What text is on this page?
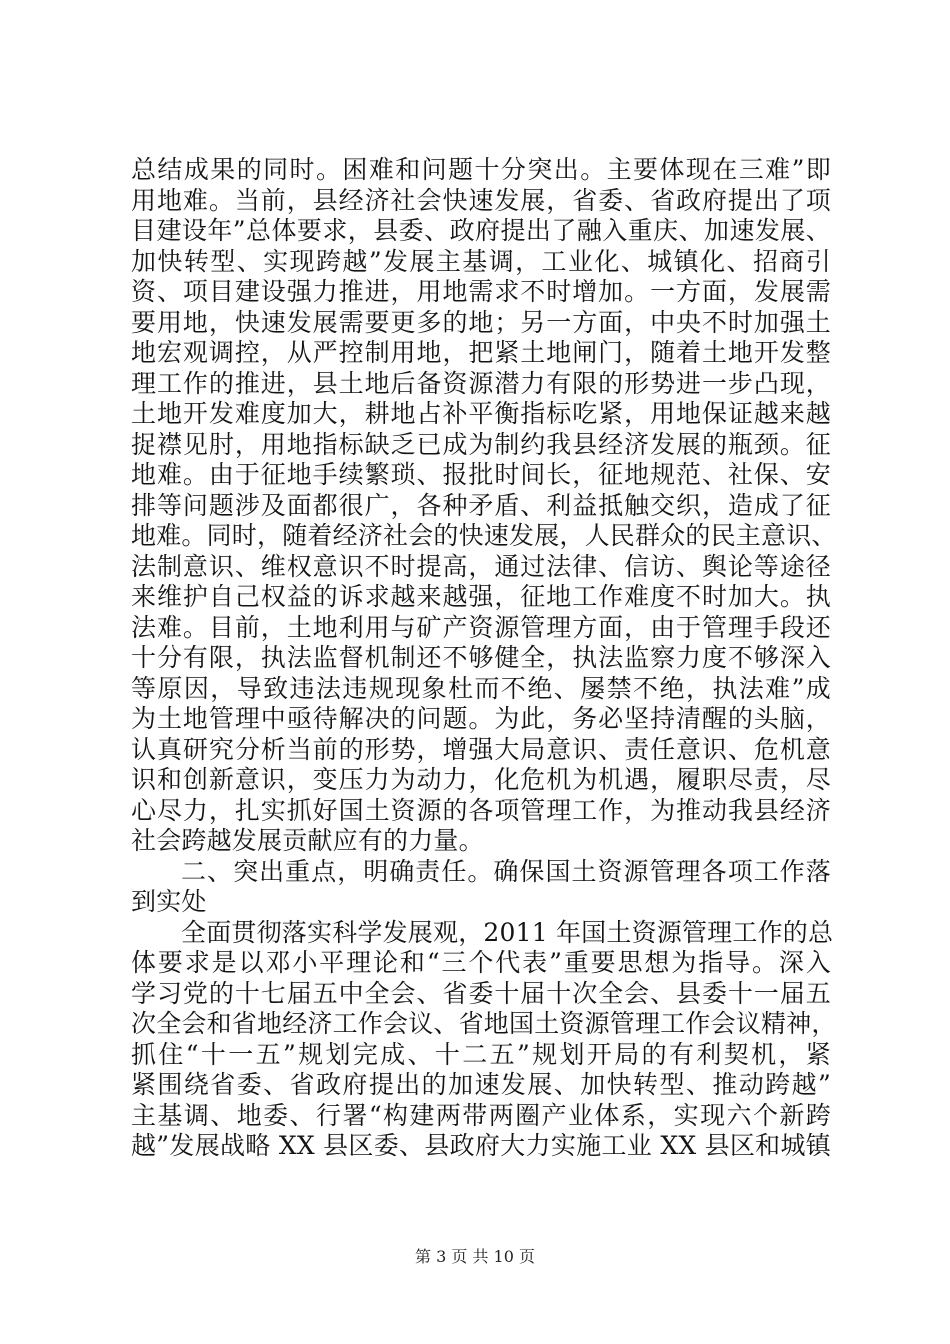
总结成果的同时。困难和问题十分突出。主要体现在三难”即
用地难。当前，县经济社会快速发展，省委、省政府提出了项
目建设年”总体要求，县委、政府提出了融入重庆、加速发展、
加快转型、实现跨越”发展主基调，工业化、城镇化、招商引
资、项目建设强力推进，用地需求不时增加。一方面，发展需
要用地，快速发展需要更多的地；另一方面，中央不时加强土
地宏观调控，从严控制用地，把紧土地闸门，随着土地开发整
理工作的推进，县土地后备资源潜力有限的形势进一步凸现，
土地开发难度加大，耕地占补平衡指标吃紧，用地保证越来越
捉襟见肘，用地指标缺乏已成为制约我县经济发展的瓶颈。征
地难。由于征地手续繁琐、报批时间长，征地规范、社保、安
排等问题涉及面都很广，各种矛盾、利益抵触交织，造成了征
地难。同时，随着经济社会的快速发展，人民群众的民主意识、
法制意识、维权意识不时提高，通过法律、信访、舆论等途径
来维护自己权益的诉求越来越强，征地工作难度不时加大。执
法难。目前，土地利用与矿产资源管理方面，由于管理手段还
十分有限，执法监督机制还不够健全，执法监察力度不够深入
等原因，导致违法违规现象杜而不绝、屡禁不绝，执法难”成
为土地管理中亟待解决的问题。为此，务必坚持清醒的头脑，
认真研究分析当前的形势，增强大局意识、责任意识、危机意
识和创新意识，变压力为动力，化危机为机遇，履职尽责，尽
心尽力，扎实抓好国土资源的各项管理工作，为推动我县经济
社会跨越发展贡献应有的力量。
二、突出重点，明确责任。确保国土资源管理各项工作落
到实处
全面贯彻落实科学发展观，2011 年国土资源管理工作的总
体要求是以邓小平理论和“三个代表”重要思想为指导。深入
学习党的十七届五中全会、省委十届十次全会、县委十一届五
次全会和省地经济工作会议、省地国土资源管理工作会议精神，
抓住“十一五”规划完成、十二五”规划开局的有利契机，紧
紧围绕省委、省政府提出的加速发展、加快转型、推动跨越”
主基调、地委、行署“构建两带两圈产业体系，实现六个新跨
越”发展战略 XX 县区委、县政府大力实施工业 XX 县区和城镇
第 3 页 共 10 页
